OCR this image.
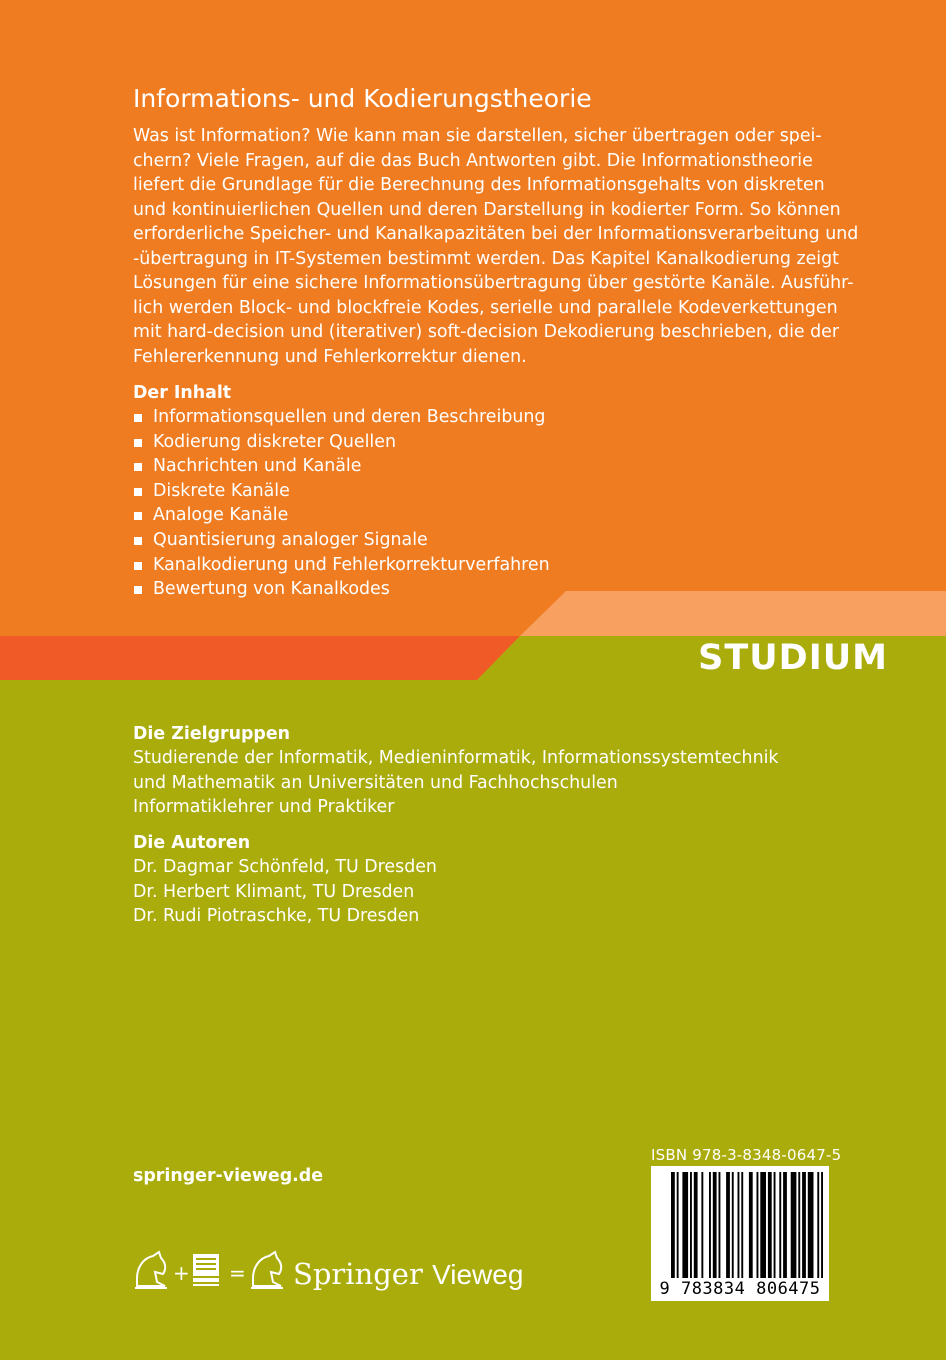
Informations- und Kodierungstheorie

Was ist Information? Wie kann man sie darstellen, sicher übertragen oder spei-
chern? Viele Fragen, auf die das Buch Antworten gibt. Die Informationstheorie
liefert die Grundlage für die Berechnung des Informationsgehalts von diskreten
und kontinuierlichen Quellen und deren Darstellung in kodierter Form. So können
erforderliche Speicher- und Kanalkapazitäten bei der Informationsverarbeitung und
-übertragung in IT-Systemen bestimmt werden. Das Kapitel Kanalkodierung zeigt
Lösungen für eine sichere Informationsübertragung über gestörte Kanäle. Ausführ-
lich werden Block- und blockfreie Kodes, serielle und parallele Kodeverkettungen
mit hard-decision und (iterativer) soft-decision Dekodierung beschrieben, die der
Fehlererkennung und Fehlerkorrektur dienen.

Der Inhalt
Informationsquellen und deren Beschreibung
Kodierung diskreter Quellen
Nachrichten und Kanäle
Diskrete Kanäle
Analoge Kanäle
Quantisierung analoger Signale
Kanalkodierung und Fehlerkorrekturverfahren
Bewertung von Kanalkodes
STUDIUM
Die Zielgruppen
Studierende der Informatik, Medieninformatik, Informationssystemtechnik
und Mathematik an Universitäten und Fachhochschulen
Informatiklehrer und Praktiker
Die Autoren
Dr. Dagmar Schönfeld, TU Dresden
Dr. Herbert Klimant, TU Dresden
Dr. Rudi Piotraschke, TU Dresden
springer-vieweg.de
ISBN 978-3-8348-0647-5
9 783834 806475
+ = Springer Vieweg
